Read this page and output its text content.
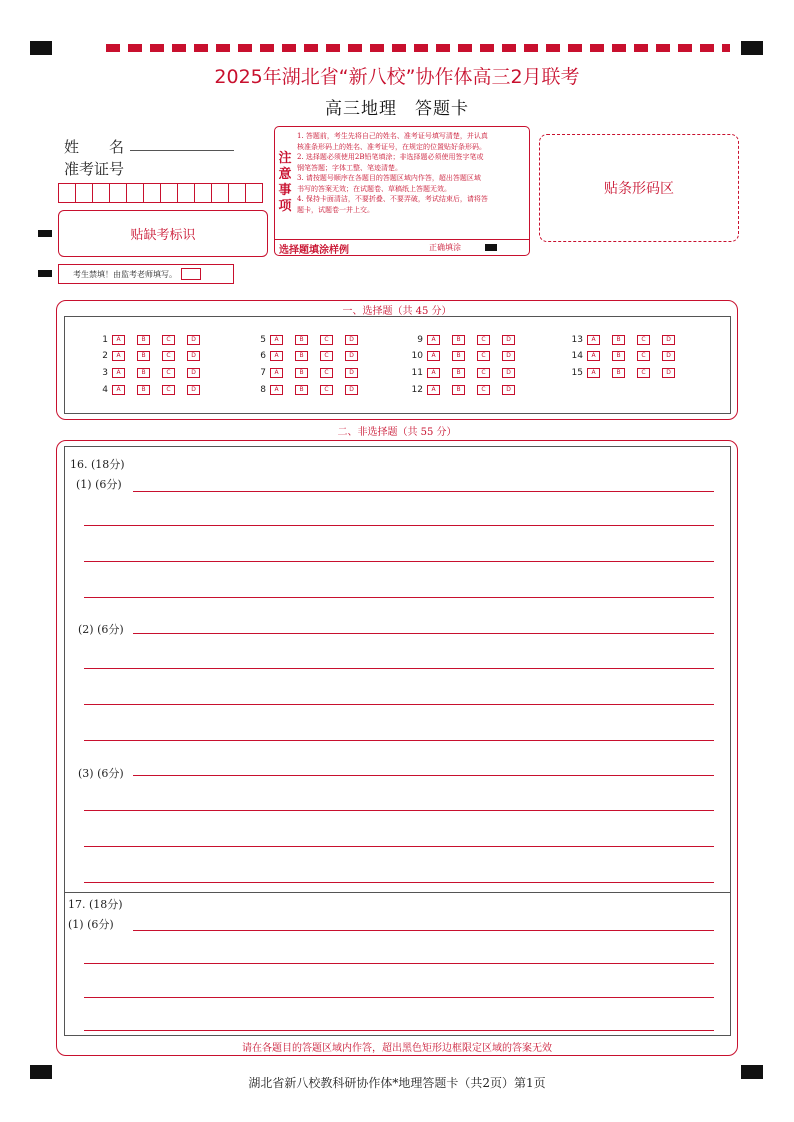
2025年湖北省“新八校”协作体高三2月联考
高三地理　答题卡
姓　　名
准考证号
贴缺考标识
考生禁填！由监考老师填写。
注
意
事
项
1. 答题前，考生先将自己的姓名、准考证号填写清楚，并认真
核准条形码上的姓名、准考证号，在规定的位置贴好条形码。
2. 选择题必须使用2B铅笔填涂；非选择题必须使用签字笔或
钢笔答题；字体工整、笔迹清楚。
3. 请按题号顺序在各题目的答题区域内作答，超出答题区域
书写的答案无效；在试题卷、草稿纸上答题无效。
4. 保持卡面清洁，不要折叠、不要弄破，考试结束后，请将答
题卡，试题卷一并上交。
选择题填涂样例	正确填涂
贴条形码区
一、选择题（共 45 分）
1	A	B	C	D
2	A	B	C	D
3	A	B	C	D
4	A	B	C	D
5	A	B	C	D
6	A	B	C	D
7	A	B	C	D
8	A	B	C	D
9	A	B	C	D
10	A	B	C	D
11	A	B	C	D
12	A	B	C	D
13	A	B	C	D
14	A	B	C	D
15	A	B	C	D
二、非选择题（共 55 分）
16. (18分)
(1) (6分)
(2) (6分)
(3) (6分)
17. (18分)
(1) (6分)
请在各题目的答题区域内作答，超出黑色矩形边框限定区域的答案无效
湖北省新八校教科研协作体*地理答题卡（共2页）第1页
